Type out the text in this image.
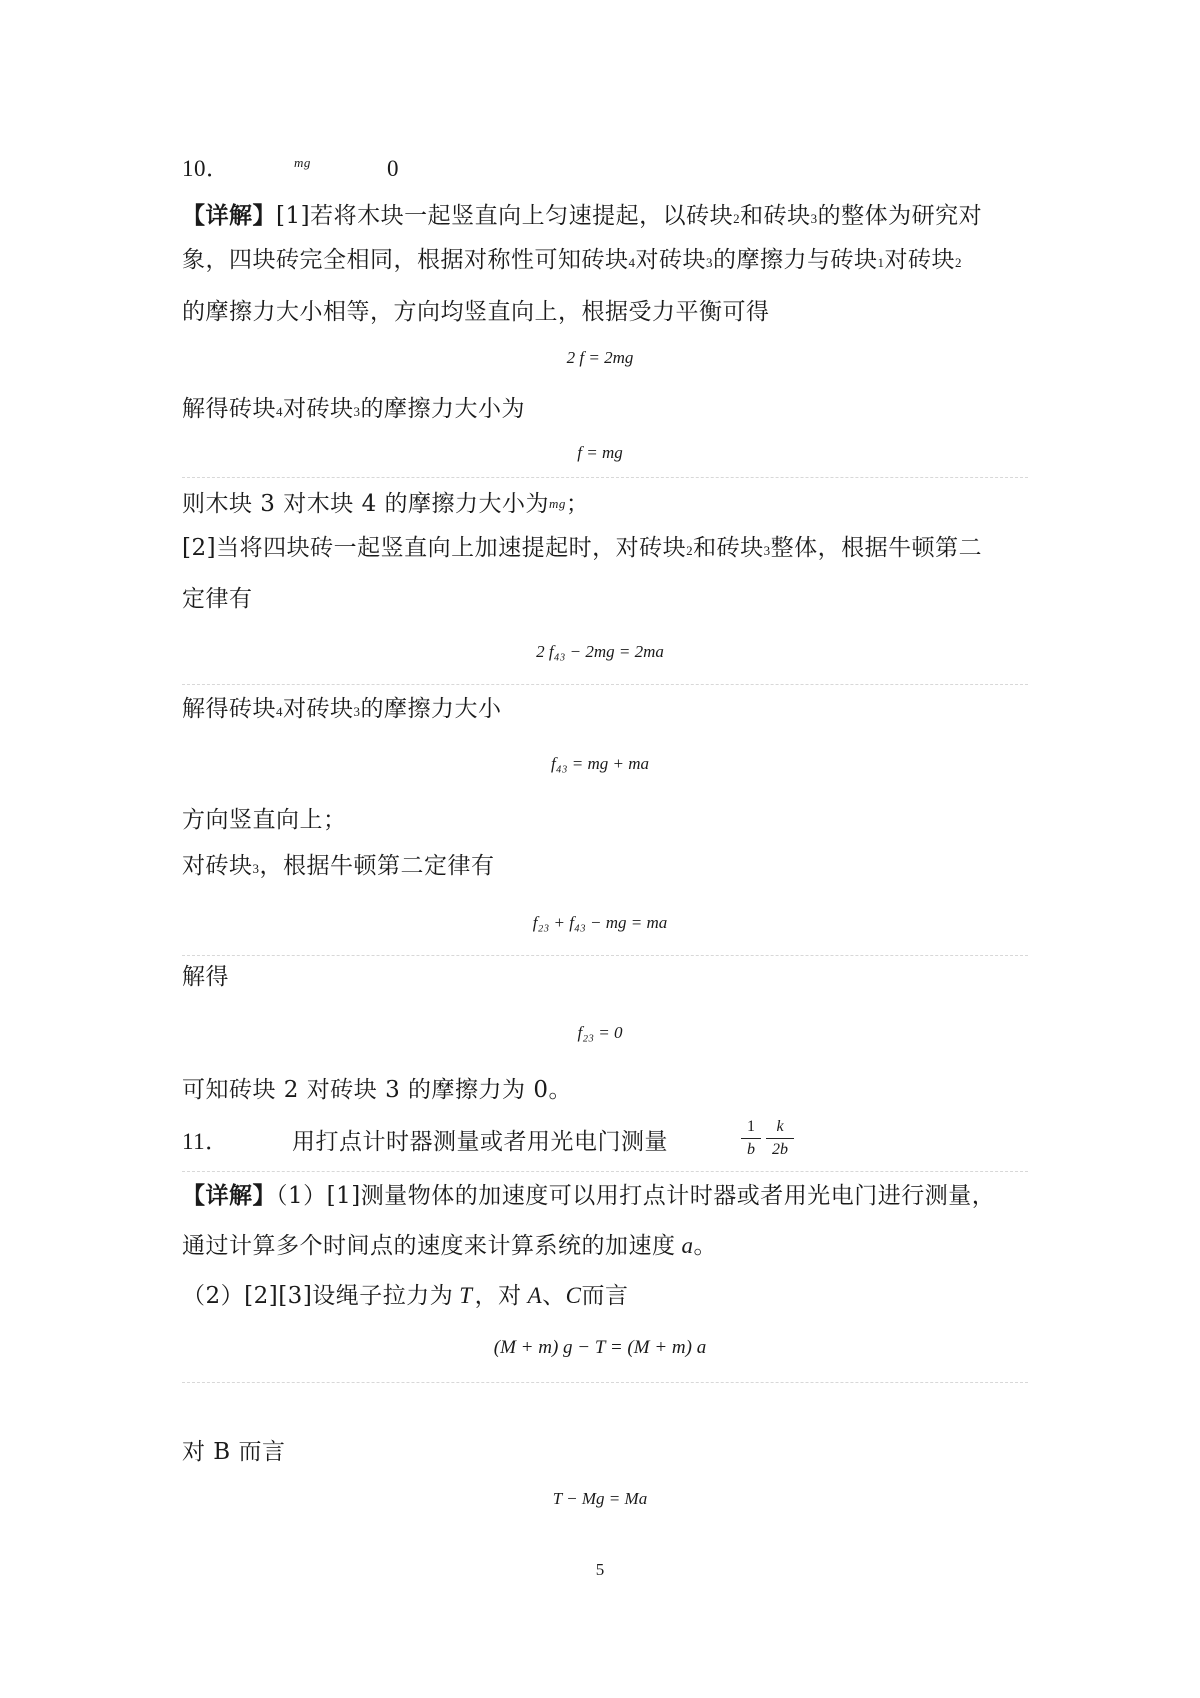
10．	mg	0
【详解】[1]若将木块一起竖直向上匀速提起，以砖块2和砖块3的整体为研究对
象，四块砖完全相同，根据对称性可知砖块4对砖块3的摩擦力与砖块1对砖块2
的摩擦力大小相等，方向均竖直向上，根据受力平衡可得
2 f = 2mg
解得砖块4对砖块3的摩擦力大小为
f = mg
则木块 3 对木块 4 的摩擦力大小为mg；
[2]当将四块砖一起竖直向上加速提起时，对砖块2和砖块3整体，根据牛顿第二
定律有
2 f₄₃ − 2mg = 2ma
解得砖块4对砖块3的摩擦力大小
f₄₃ = mg + ma
方向竖直向上；
对砖块3，根据牛顿第二定律有
f₂₃ + f₄₃ − mg = ma
解得
f₂₃ = 0
可知砖块 2 对砖块 3 的摩擦力为 0。
11．	用打点计时器测量或者用光电门测量
1
b
k
2b
【详解】（1）[1]测量物体的加速度可以用打点计时器或者用光电门进行测量，
通过计算多个时间点的速度来计算系统的加速度 a。
（2）[2][3]设绳子拉力为 T，对 A、C而言
(M + m) g − T = (M + m) a
对 B 而言
T − Mg = Ma
5
